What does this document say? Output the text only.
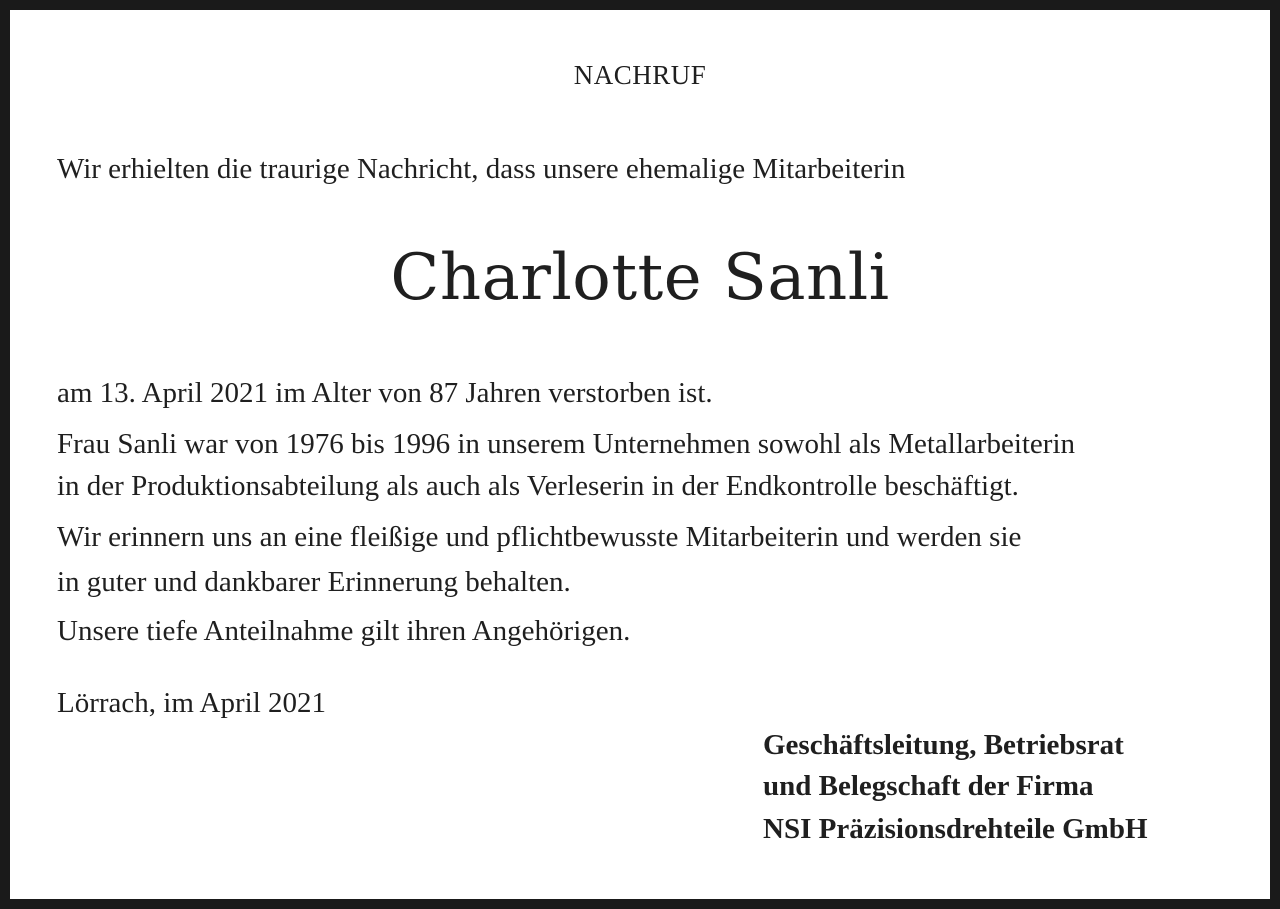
NACHRUF
Wir erhielten die traurige Nachricht, dass unsere ehemalige Mitarbeiterin
Charlotte Sanli
am 13. April 2021 im Alter von 87 Jahren verstorben ist.
Frau Sanli war von 1976 bis 1996 in unserem Unternehmen sowohl als Metallarbeiterin
in der Produktionsabteilung als auch als Verleserin in der Endkontrolle beschäftigt.
Wir erinnern uns an eine fleißige und pflichtbewusste Mitarbeiterin und werden sie
in guter und dankbarer Erinnerung behalten.
Unsere tiefe Anteilnahme gilt ihren Angehörigen.
Lörrach, im April 2021
Geschäftsleitung, Betriebsrat
und Belegschaft der Firma
NSI Präzisionsdrehteile GmbH
